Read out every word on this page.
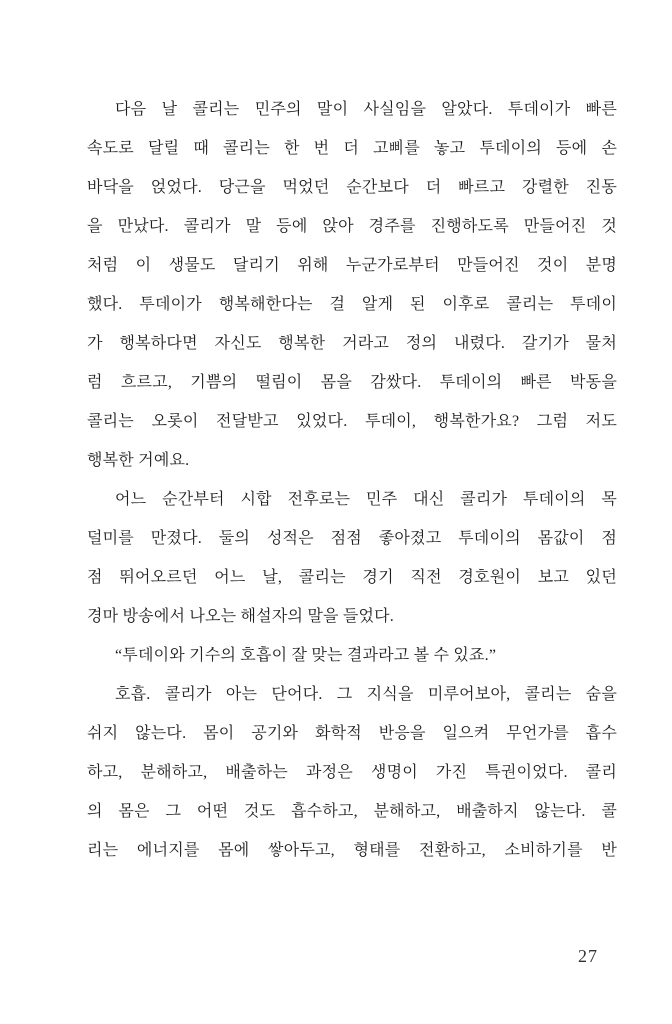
다음 날 콜리는 민주의 말이 사실임을 알았다. 투데이가 빠른
속도로 달릴 때 콜리는 한 번 더 고삐를 놓고 투데이의 등에 손
바닥을 얹었다. 당근을 먹었던 순간보다 더 빠르고 강렬한 진동
을 만났다. 콜리가 말 등에 앉아 경주를 진행하도록 만들어진 것
처럼 이 생물도 달리기 위해 누군가로부터 만들어진 것이 분명
했다. 투데이가 행복해한다는 걸 알게 된 이후로 콜리는 투데이
가 행복하다면 자신도 행복한 거라고 정의 내렸다. 갈기가 물처
럼 흐르고, 기쁨의 떨림이 몸을 감쌌다. 투데이의 빠른 박동을
콜리는 오롯이 전달받고 있었다. 투데이, 행복한가요? 그럼 저도
행복한 거예요.
어느 순간부터 시합 전후로는 민주 대신 콜리가 투데이의 목
덜미를 만졌다. 둘의 성적은 점점 좋아졌고 투데이의 몸값이 점
점 뛰어오르던 어느 날, 콜리는 경기 직전 경호원이 보고 있던
경마 방송에서 나오는 해설자의 말을 들었다.
“투데이와 기수의 호흡이 잘 맞는 결과라고 볼 수 있죠.”
호흡. 콜리가 아는 단어다. 그 지식을 미루어보아, 콜리는 숨을
쉬지 않는다. 몸이 공기와 화학적 반응을 일으켜 무언가를 흡수
하고, 분해하고, 배출하는 과정은 생명이 가진 특권이었다. 콜리
의 몸은 그 어떤 것도 흡수하고, 분해하고, 배출하지 않는다. 콜
리는 에너지를 몸에 쌓아두고, 형태를 전환하고, 소비하기를 반
27
